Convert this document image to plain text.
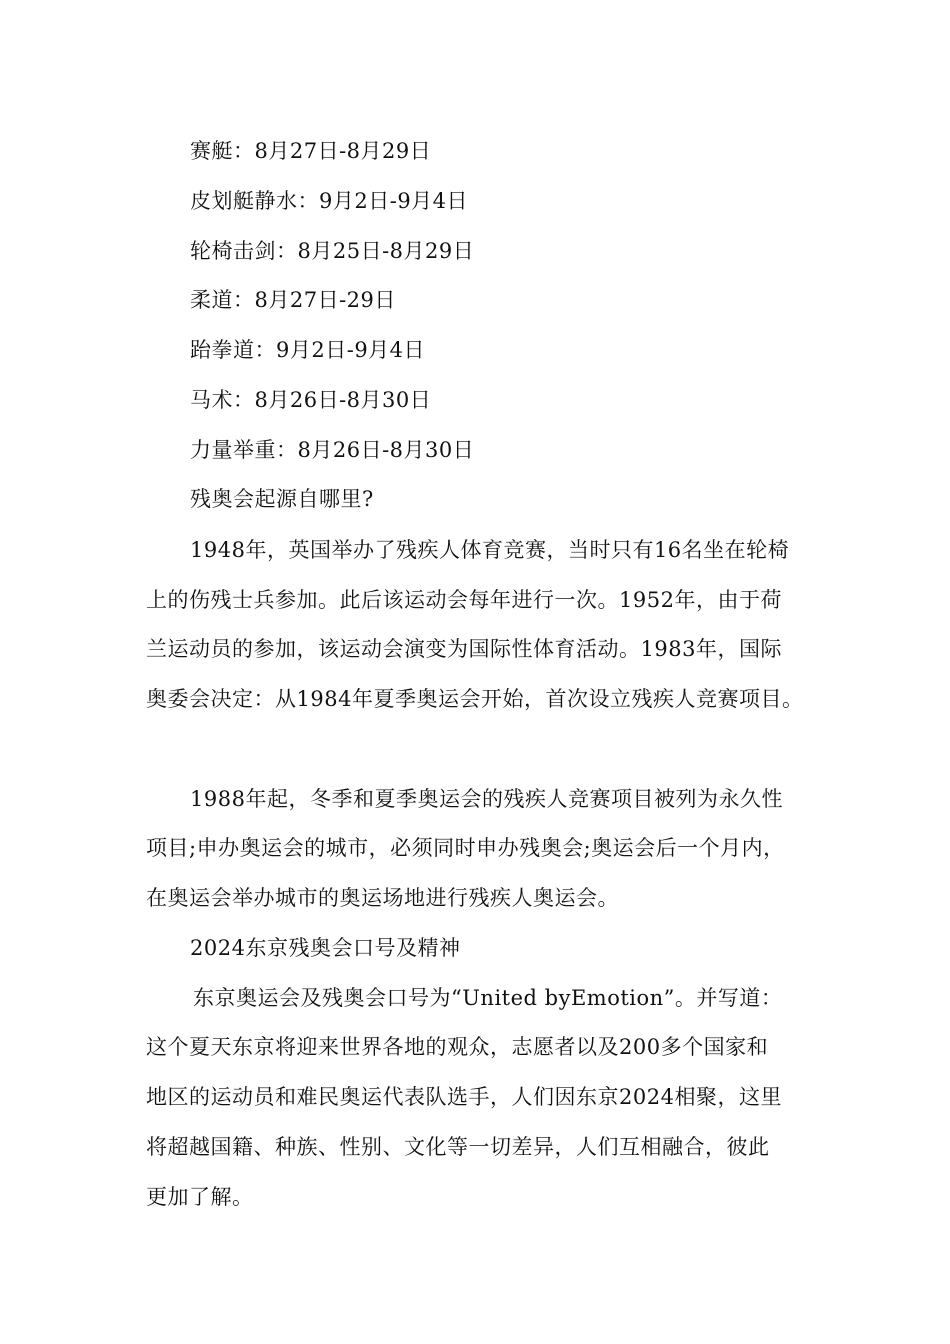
赛艇：8月27日-8月29日
皮划艇静水：9月2日-9月4日
轮椅击剑：8月25日-8月29日
柔道：8月27日-29日
跆拳道：9月2日-9月4日
马术：8月26日-8月30日
力量举重：8月26日-8月30日
残奥会起源自哪里?
1948年，英国举办了残疾人体育竞赛，当时只有16名坐在轮椅
上的伤残士兵参加。此后该运动会每年进行一次。1952年，由于荷
兰运动员的参加，该运动会演变为国际性体育活动。1983年，国际
奥委会决定：从1984年夏季奥运会开始，首次设立残疾人竞赛项目。
1988年起，冬季和夏季奥运会的残疾人竞赛项目被列为永久性
项目;申办奥运会的城市，必须同时申办残奥会;奥运会后一个月内，
在奥运会举办城市的奥运场地进行残疾人奥运会。
2024东京残奥会口号及精神
东京奥运会及残奥会口号为“United byEmotion”。并写道：
这个夏天东京将迎来世界各地的观众，志愿者以及200多个国家和
地区的运动员和难民奥运代表队选手，人们因东京2024相聚，这里
将超越国籍、种族、性别、文化等一切差异，人们互相融合，彼此
更加了解。
